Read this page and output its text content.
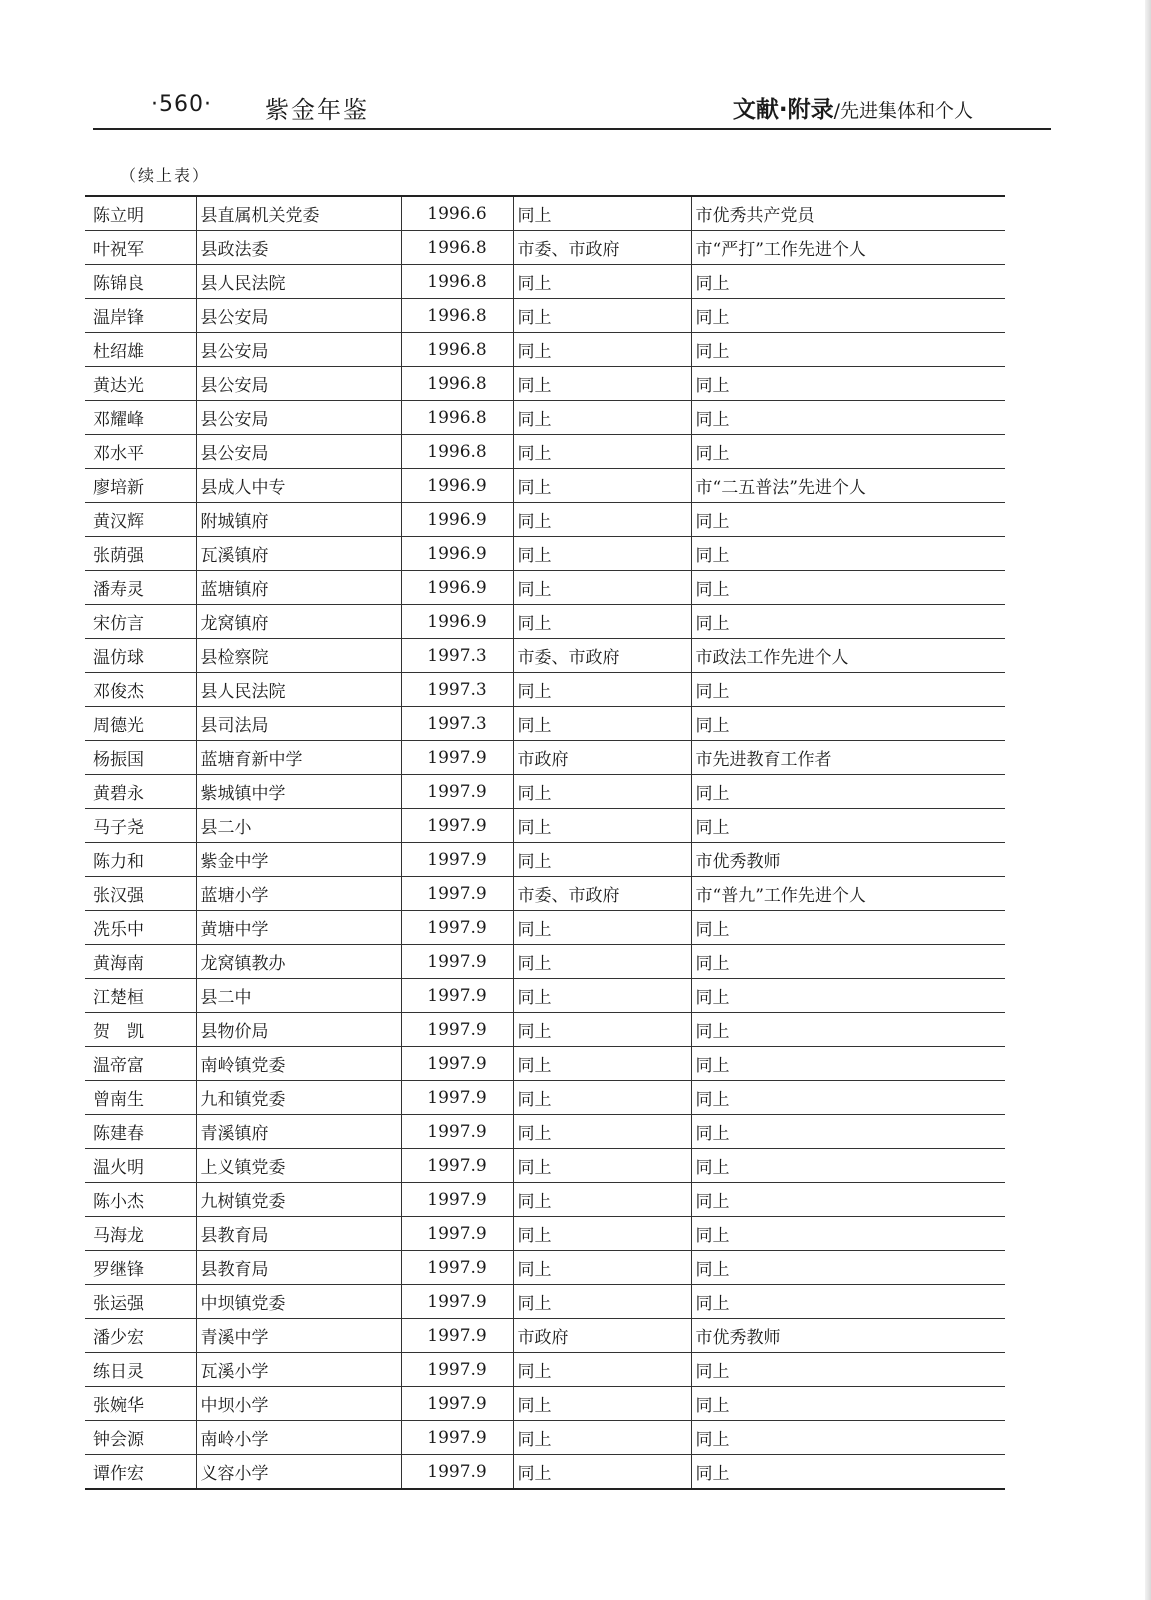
·560· 紫金年鉴	文献·附录/先进集体和个人
（续上表）
陈立明	县直属机关党委	1996.6	同上	市优秀共产党员
叶祝军	县政法委	1996.8	市委、市政府	市“严打”工作先进个人
陈锦良	县人民法院	1996.8	同上	同上
温岸锋	县公安局	1996.8	同上	同上
杜绍雄	县公安局	1996.8	同上	同上
黄达光	县公安局	1996.8	同上	同上
邓耀峰	县公安局	1996.8	同上	同上
邓水平	县公安局	1996.8	同上	同上
廖培新	县成人中专	1996.9	同上	市“二五普法”先进个人
黄汉辉	附城镇府	1996.9	同上	同上
张荫强	瓦溪镇府	1996.9	同上	同上
潘寿灵	蓝塘镇府	1996.9	同上	同上
宋仿言	龙窝镇府	1996.9	同上	同上
温仿球	县检察院	1997.3	市委、市政府	市政法工作先进个人
邓俊杰	县人民法院	1997.3	同上	同上
周德光	县司法局	1997.3	同上	同上
杨振国	蓝塘育新中学	1997.9	市政府	市先进教育工作者
黄碧永	紫城镇中学	1997.9	同上	同上
马子尧	县二小	1997.9	同上	同上
陈力和	紫金中学	1997.9	同上	市优秀教师
张汉强	蓝塘小学	1997.9	市委、市政府	市“普九”工作先进个人
冼乐中	黄塘中学	1997.9	同上	同上
黄海南	龙窝镇教办	1997.9	同上	同上
江楚桓	县二中	1997.9	同上	同上
贺　凯	县物价局	1997.9	同上	同上
温帝富	南岭镇党委	1997.9	同上	同上
曾南生	九和镇党委	1997.9	同上	同上
陈建春	青溪镇府	1997.9	同上	同上
温火明	上义镇党委	1997.9	同上	同上
陈小杰	九树镇党委	1997.9	同上	同上
马海龙	县教育局	1997.9	同上	同上
罗继锋	县教育局	1997.9	同上	同上
张运强	中坝镇党委	1997.9	同上	同上
潘少宏	青溪中学	1997.9	市政府	市优秀教师
练日灵	瓦溪小学	1997.9	同上	同上
张婉华	中坝小学	1997.9	同上	同上
钟会源	南岭小学	1997.9	同上	同上
谭作宏	义容小学	1997.9	同上	同上
